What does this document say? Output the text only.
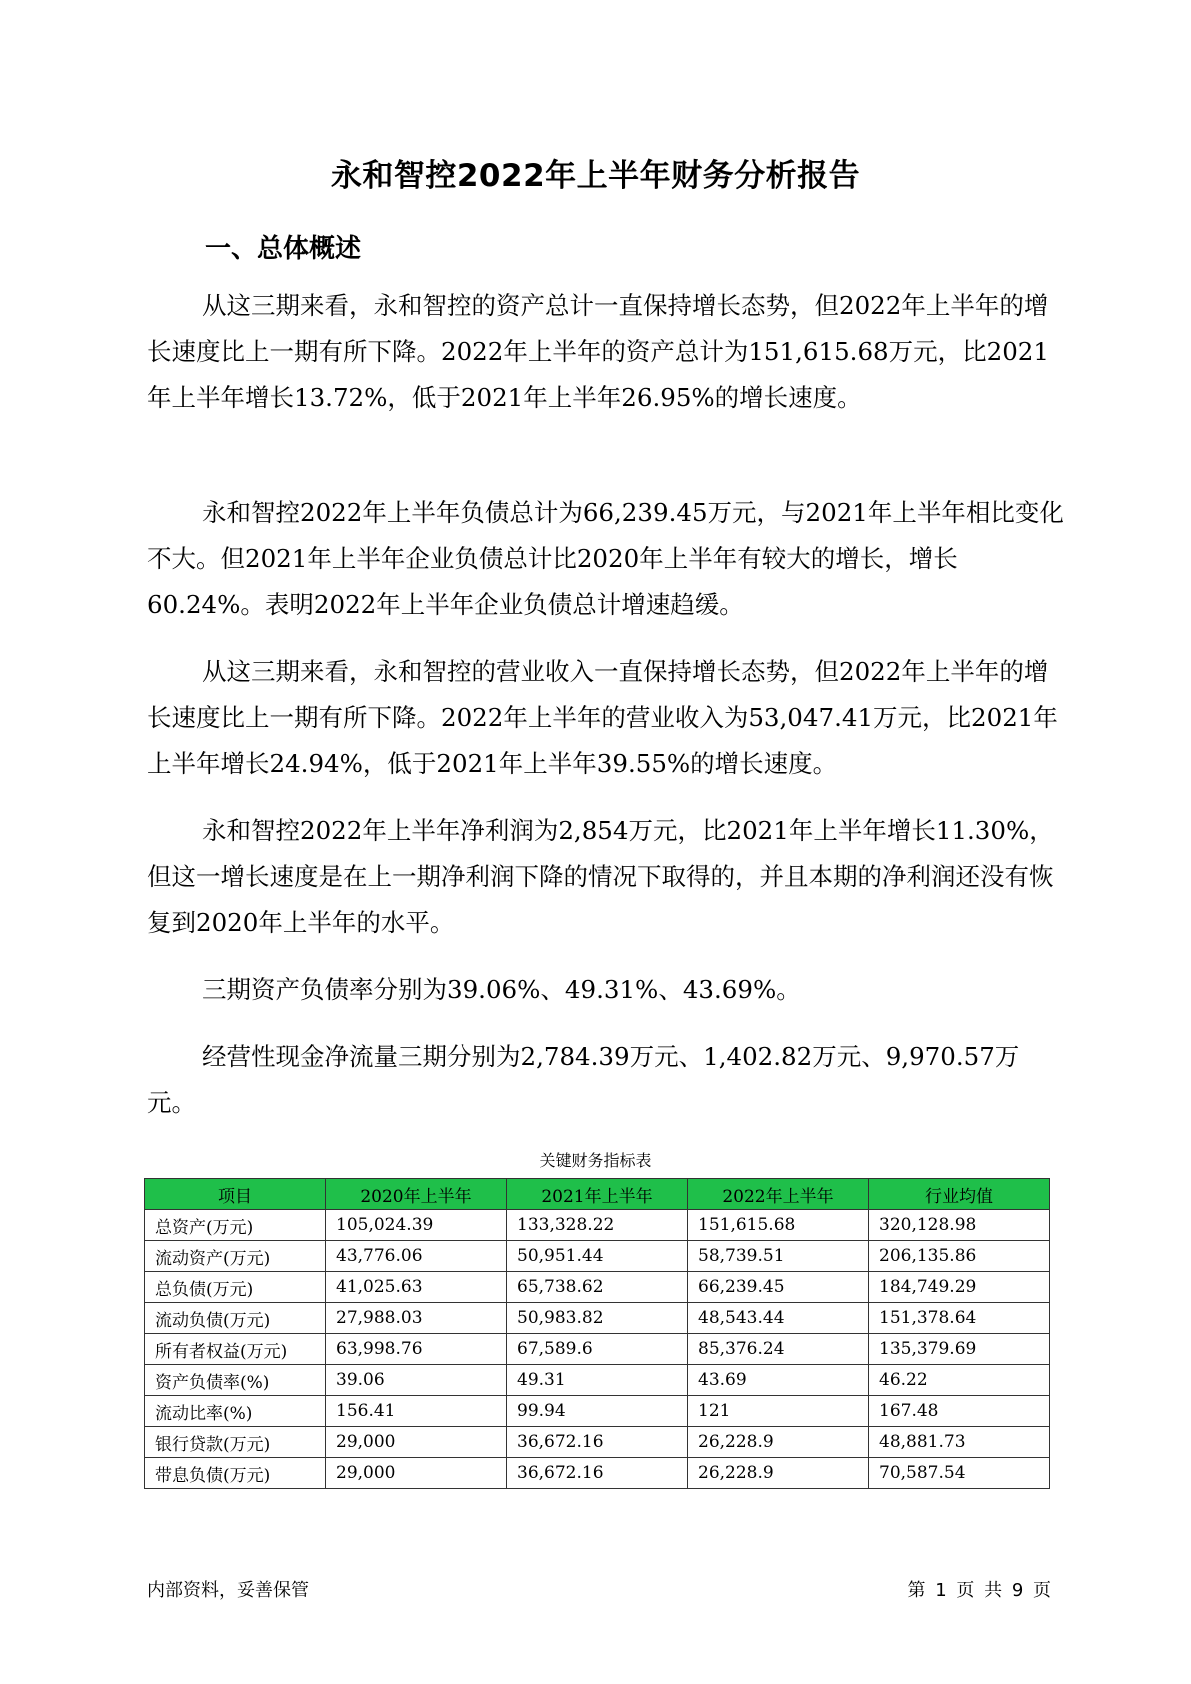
永和智控2022年上半年财务分析报告
一、总体概述

从这三期来看，永和智控的资产总计一直保持增长态势，但2022年上半年的增长速度比上一期有所下降。2022年上半年的资产总计为151,615.68万元，比2021年上半年增长13.72%，低于2021年上半年26.95%的增长速度。

永和智控2022年上半年负债总计为66,239.45万元，与2021年上半年相比变化不大。但2021年上半年企业负债总计比2020年上半年有较大的增长，增长60.24%。表明2022年上半年企业负债总计增速趋缓。

从这三期来看，永和智控的营业收入一直保持增长态势，但2022年上半年的增长速度比上一期有所下降。2022年上半年的营业收入为53,047.41万元，比2021年上半年增长24.94%，低于2021年上半年39.55%的增长速度。

永和智控2022年上半年净利润为2,854万元，比2021年上半年增长11.30%，但这一增长速度是在上一期净利润下降的情况下取得的，并且本期的净利润还没有恢复到2020年上半年的水平。

三期资产负债率分别为39.06%、49.31%、43.69%。

经营性现金净流量三期分别为2,784.39万元、1,402.82万元、9,970.57万元。

关键财务指标表
项目	2020年上半年	2021年上半年	2022年上半年	行业均值
总资产(万元)	105,024.39	133,328.22	151,615.68	320,128.98
流动资产(万元)	43,776.06	50,951.44	58,739.51	206,135.86
总负债(万元)	41,025.63	65,738.62	66,239.45	184,749.29
流动负债(万元)	27,988.03	50,983.82	48,543.44	151,378.64
所有者权益(万元)	63,998.76	67,589.6	85,376.24	135,379.69
资产负债率(%)	39.06	49.31	43.69	46.22
流动比率(%)	156.41	99.94	121	167.48
银行贷款(万元)	29,000	36,672.16	26,228.9	48,881.73
带息负债(万元)	29,000	36,672.16	26,228.9	70,587.54
内部资料，妥善保管	第 1 页 共 9 页
